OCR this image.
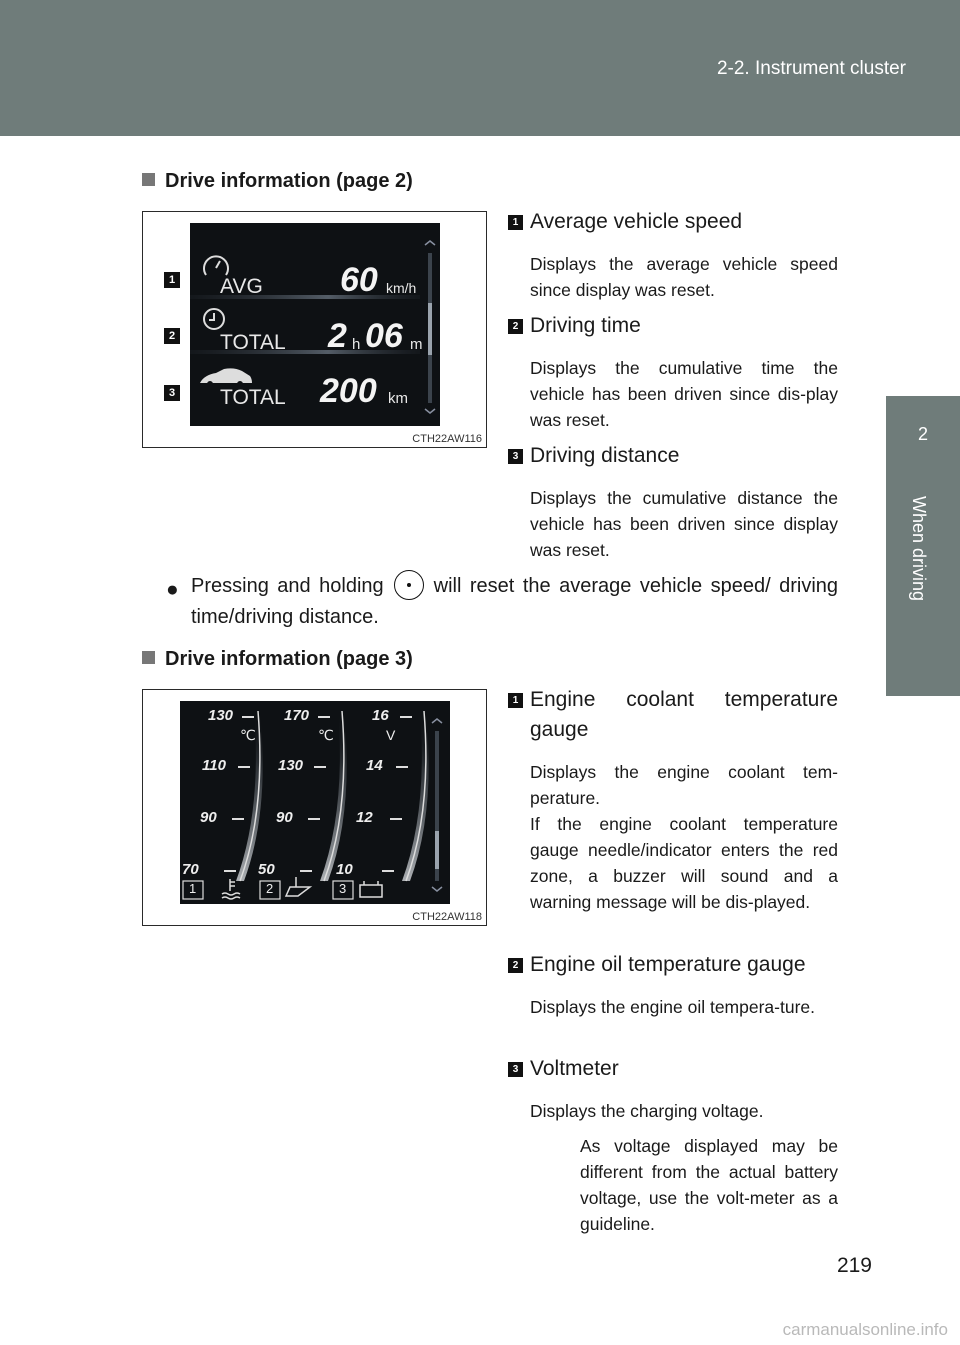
2-2. Instrument cluster
2
When driving
Drive information (page 2)
1
2
3
AVG 60 km/h
TOTAL 2 h 06 m
TOTAL 200 km
CTH22AW116
1 Average vehicle speed
Displays the average vehicle speed since display was reset.
2 Driving time
Displays the cumulative time the vehicle has been driven since dis-play was reset.
3 Driving distance
Displays the cumulative distance the vehicle has been driven since display was reset.
● Pressing and holding	will reset the average vehicle speed/ driving time/driving distance.
Drive information (page 3)
130
110
90
70
℃
170
130
90
50
℃
16
14
12
10
V
1	2	3
CTH22AW118
1 Engine coolant temperature
gauge
Displays the engine coolant tem-perature.
If the engine coolant temperature gauge needle/indicator enters the red zone, a buzzer will sound and a warning message will be dis-played.
2 Engine oil temperature gauge
Displays the engine oil tempera-ture.
3 Voltmeter
Displays the charging voltage.
As voltage displayed may be different from the actual battery voltage, use the volt-meter as a guideline.
219
carmanualsonline.info
